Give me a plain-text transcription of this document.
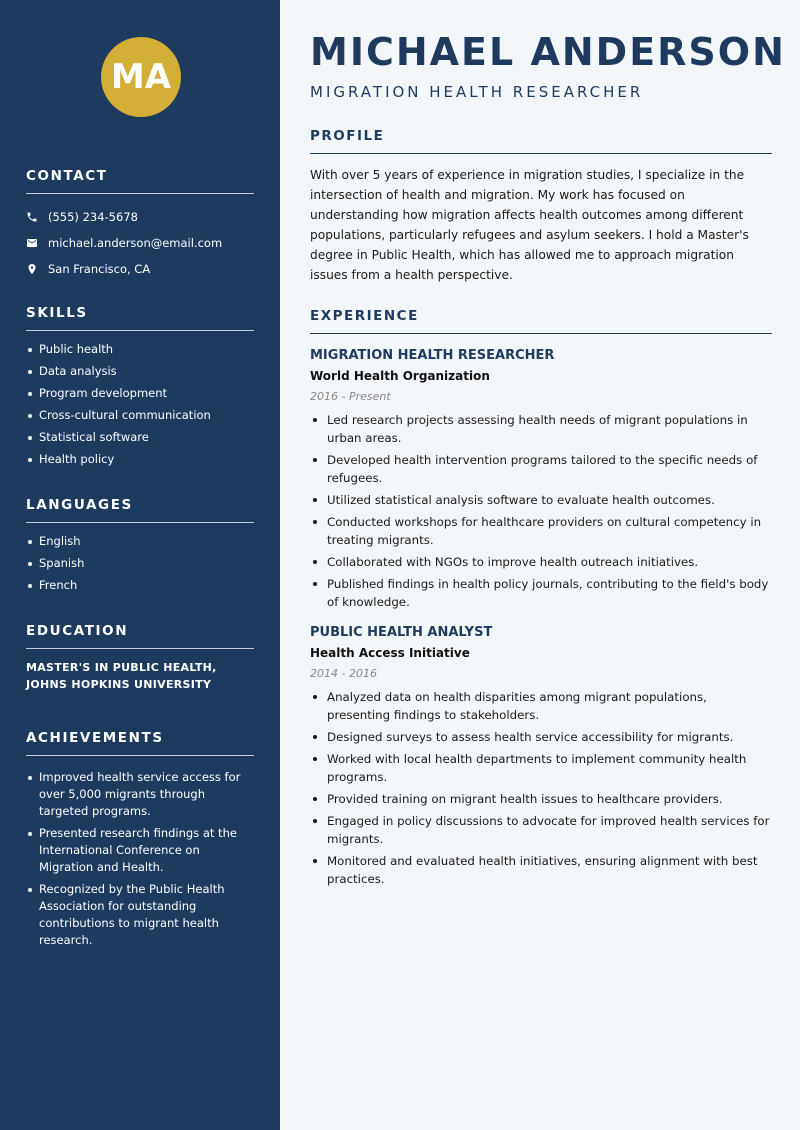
MA
CONTACT
(555) 234-5678
michael.anderson@email.com
San Francisco, CA
SKILLS
Public health
Data analysis
Program development
Cross-cultural communication
Statistical software
Health policy
LANGUAGES
English
Spanish
French
EDUCATION
MASTER'S IN PUBLIC HEALTH, JOHNS HOPKINS UNIVERSITY
ACHIEVEMENTS
Improved health service access for over 5,000 migrants through targeted programs.
Presented research findings at the International Conference on Migration and Health.
Recognized by the Public Health Association for outstanding contributions to migrant health research.
MICHAEL ANDERSON
MIGRATION HEALTH RESEARCHER
PROFILE

With over 5 years of experience in migration studies, I specialize in the intersection of health and migration. My work has focused on understanding how migration affects health outcomes among different populations, particularly refugees and asylum seekers. I hold a Master's degree in Public Health, which has allowed me to approach migration issues from a health perspective.

EXPERIENCE
MIGRATION HEALTH RESEARCHER
World Health Organization
2016 - Present
Led research projects assessing health needs of migrant populations in urban areas.
Developed health intervention programs tailored to the specific needs of refugees.
Utilized statistical analysis software to evaluate health outcomes.
Conducted workshops for healthcare providers on cultural competency in treating migrants.
Collaborated with NGOs to improve health outreach initiatives.
Published findings in health policy journals, contributing to the field's body of knowledge.
PUBLIC HEALTH ANALYST
Health Access Initiative
2014 - 2016
Analyzed data on health disparities among migrant populations, presenting findings to stakeholders.
Designed surveys to assess health service accessibility for migrants.
Worked with local health departments to implement community health programs.
Provided training on migrant health issues to healthcare providers.
Engaged in policy discussions to advocate for improved health services for migrants.
Monitored and evaluated health initiatives, ensuring alignment with best practices.
